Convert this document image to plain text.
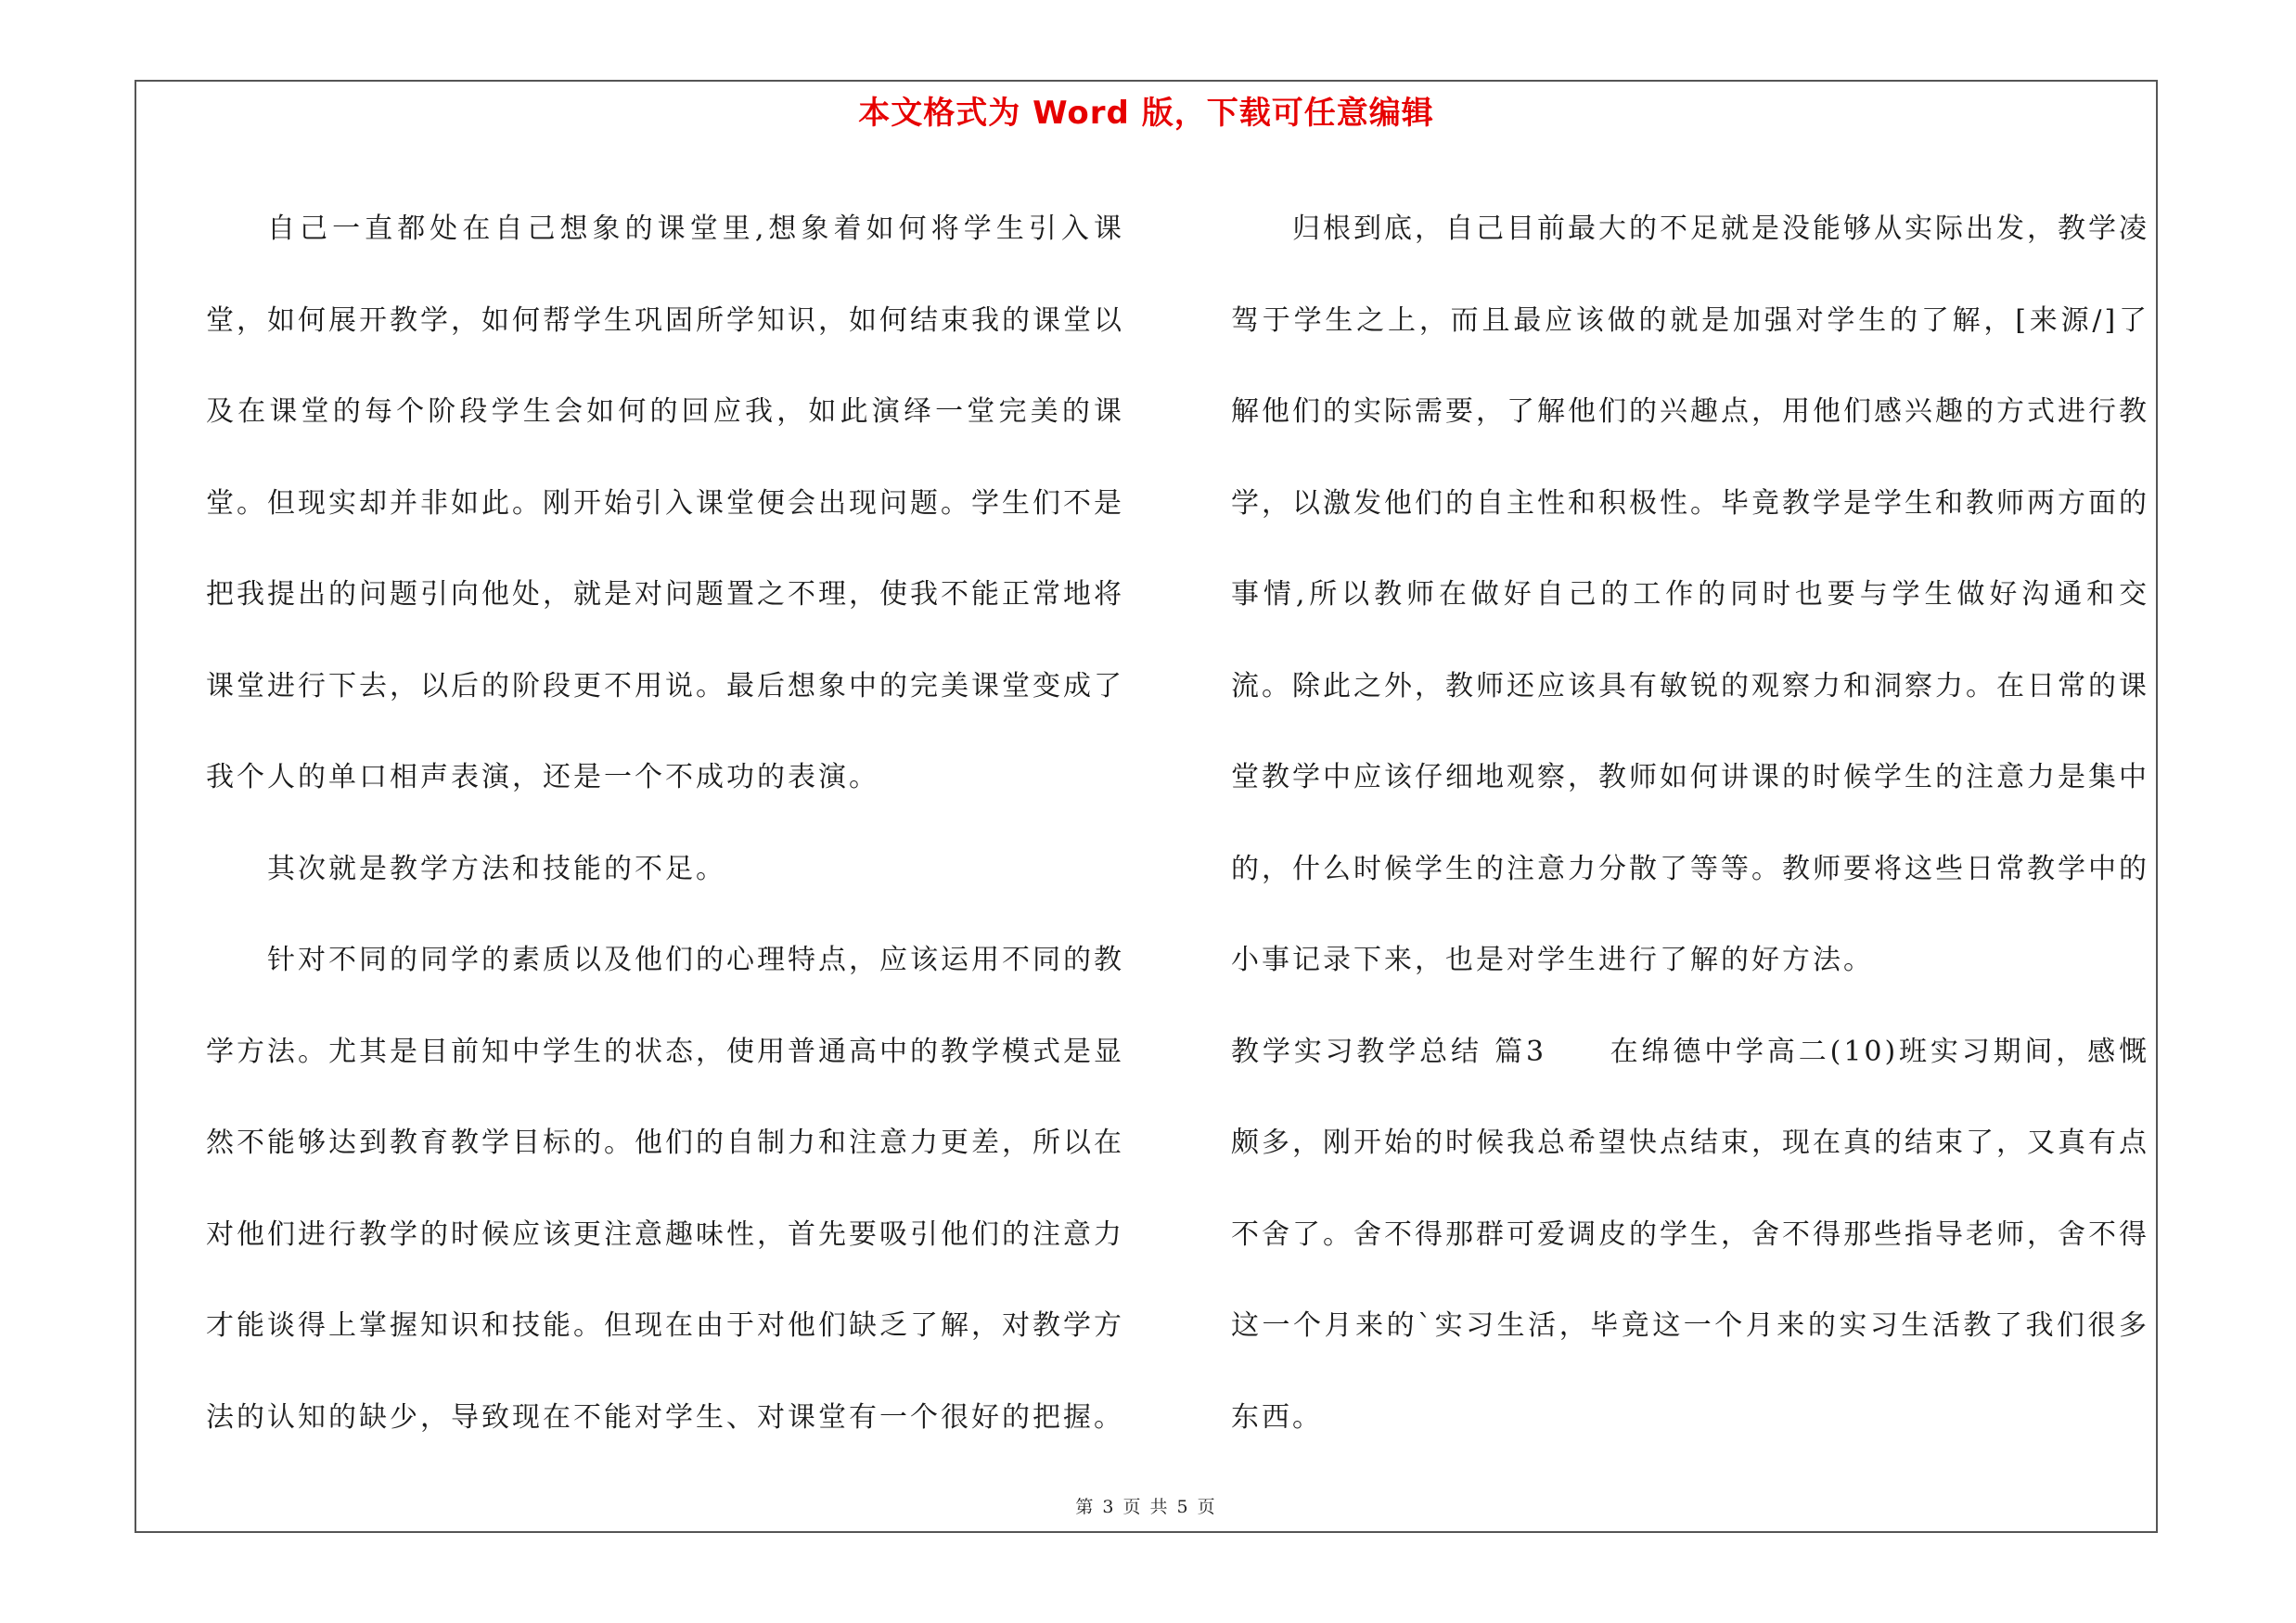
本文格式为 Word 版，下载可任意编辑

自己一直都处在自己想象的课堂里,想象着如何将学生引入课堂，如何展开教学，如何帮学生巩固所学知识，如何结束我的课堂以及在课堂的每个阶段学生会如何的回应我，如此演绎一堂完美的课堂。但现实却并非如此。刚开始引入课堂便会出现问题。学生们不是把我提出的问题引向他处，就是对问题置之不理，使我不能正常地将课堂进行下去，以后的阶段更不用说。最后想象中的完美课堂变成了我个人的单口相声表演，还是一个不成功的表演。

其次就是教学方法和技能的不足。

针对不同的同学的素质以及他们的心理特点，应该运用不同的教学方法。尤其是目前知中学生的状态，使用普通高中的教学模式是显然不能够达到教育教学目标的。他们的自制力和注意力更差，所以在对他们进行教学的时候应该更注意趣味性，首先要吸引他们的注意力才能谈得上掌握知识和技能。但现在由于对他们缺乏了解，对教学方法的认知的缺少，导致现在不能对学生、对课堂有一个很好的把握。

归根到底，自己目前最大的不足就是没能够从实际出发，教学凌驾于学生之上，而且最应该做的就是加强对学生的了解，[来源/]了解他们的实际需要，了解他们的兴趣点，用他们感兴趣的方式进行教学，以激发他们的自主性和积极性。毕竟教学是学生和教师两方面的事情,所以教师在做好自己的工作的同时也要与学生做好沟通和交流。除此之外，教师还应该具有敏锐的观察力和洞察力。在日常的课堂教学中应该仔细地观察，教师如何讲课的时候学生的注意力是集中的，什么时候学生的注意力分散了等等。教师要将这些日常教学中的小事记录下来，也是对学生进行了解的好方法。

教学实习教学总结 篇3　　在绵德中学高二(10)班实习期间，感慨颇多，刚开始的时候我总希望快点结束，现在真的结束了，又真有点不舍了。舍不得那群可爱调皮的学生，舍不得那些指导老师，舍不得这一个月来的`实习生活，毕竟这一个月来的实习生活教了我们很多东西。

第 3 页 共 5 页
